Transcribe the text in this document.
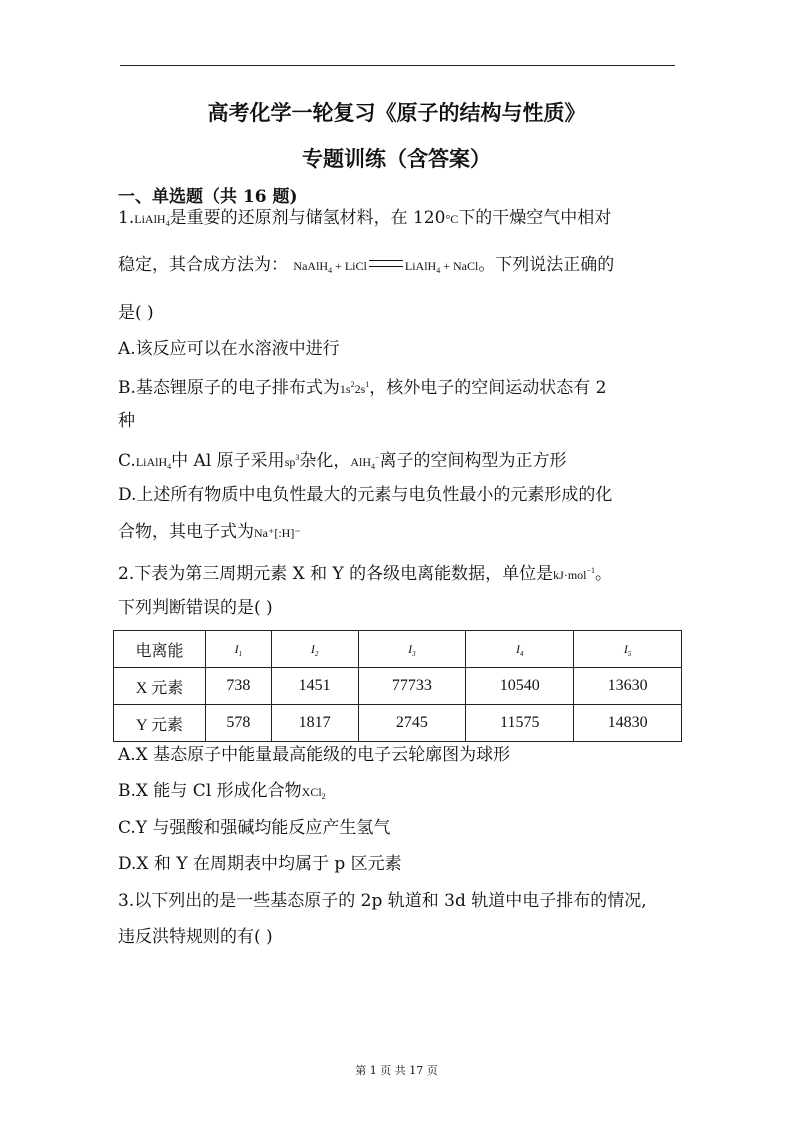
高考化学一轮复习《原子的结构与性质》
专题训练（含答案）
一、单选题（共 16 题)
1.LiAlH$_4$是重要的还原剂与储氢材料，在 120°C下的干燥空气中相对
稳定，其合成方法为： NaAlH$_4$ + LiCl	LiAlH$_4$ + NaCl。下列说法正确的
是( )
A.该反应可以在水溶液中进行
B.基态锂原子的电子排布式为$1s^22s^1$，核外电子的空间运动状态有 2
种
C.LiAlH$_4$中 Al 原子采用$sp^3$杂化，AlH$_4$−离子的空间构型为正方形
D.上述所有物质中电负性最大的元素与电负性最小的元素形成的化
合物，其电子式为Na⁺[:H]⁻
2.下表为第三周期元素 X 和 Y 的各级电离能数据，单位是kJ·mol$^{-1}$。
下列判断错误的是( )
电离能	$I_1$	$I_2$	$I_3$	$I_4$	$I_5$
X 元素	738	1451	77733	10540	13630
Y 元素	578	1817	2745	11575	14830
A.X 基态原子中能量最高能级的电子云轮廓图为球形
B.X 能与 Cl 形成化合物XCl$_2$
C.Y 与强酸和强碱均能反应产生氢气
D.X 和 Y 在周期表中均属于 p 区元素
3.以下列出的是一些基态原子的 2p 轨道和 3d 轨道中电子排布的情况,
违反洪特规则的有( )
第 1 页 共 17 页
